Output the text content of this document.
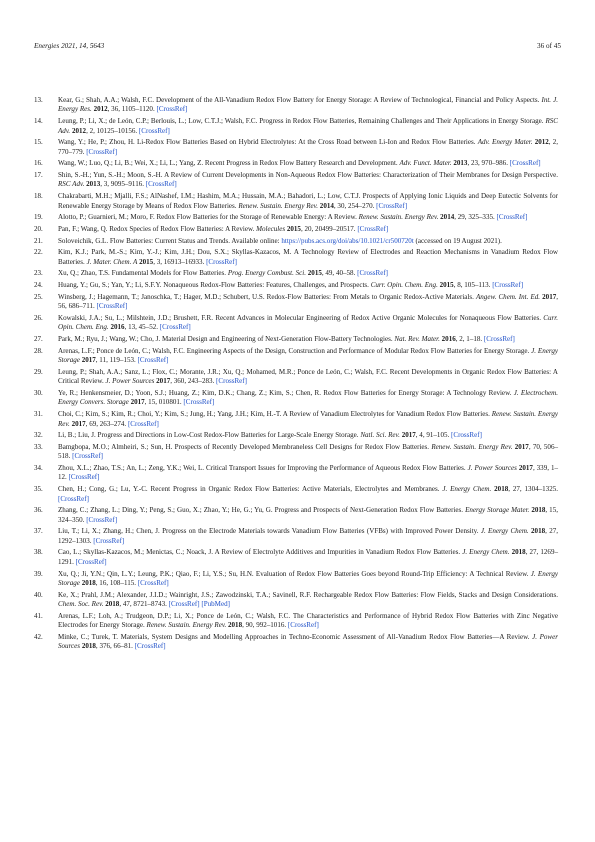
Energies 2021, 14, 5643	36 of 45
13. Kear, G.; Shah, A.A.; Walsh, F.C. Development of the All-Vanadium Redox Flow Battery for Energy Storage: A Review of Technological, Financial and Policy Aspects. Int. J. Energy Res. 2012, 36, 1105–1120. [CrossRef]
14. Leung, P.; Li, X.; de León, C.P.; Berlouis, L.; Low, C.T.J.; Walsh, F.C. Progress in Redox Flow Batteries, Remaining Challenges and Their Applications in Energy Storage. RSC Adv. 2012, 2, 10125–10156. [CrossRef]
15. Wang, Y.; He, P.; Zhou, H. Li-Redox Flow Batteries Based on Hybrid Electrolytes: At the Cross Road between Li-Ion and Redox Flow Batteries. Adv. Energy Mater. 2012, 2, 770–779. [CrossRef]
16. Wang, W.; Luo, Q.; Li, B.; Wei, X.; Li, L.; Yang, Z. Recent Progress in Redox Flow Battery Research and Development. Adv. Funct. Mater. 2013, 23, 970–986. [CrossRef]
17. Shin, S.-H.; Yun, S.-H.; Moon, S.-H. A Review of Current Developments in Non-Aqueous Redox Flow Batteries: Characterization of Their Membranes for Design Perspective. RSC Adv. 2013, 3, 9095–9116. [CrossRef]
18. Chakrabarti, M.H.; Mjalli, F.S.; AlNashef, I.M.; Hashim, M.A.; Hussain, M.A.; Bahadori, L.; Low, C.T.J. Prospects of Applying Ionic Liquids and Deep Eutectic Solvents for Renewable Energy Storage by Means of Redox Flow Batteries. Renew. Sustain. Energy Rev. 2014, 30, 254–270. [CrossRef]
19. Alotto, P.; Guarnieri, M.; Moro, F. Redox Flow Batteries for the Storage of Renewable Energy: A Review. Renew. Sustain. Energy Rev. 2014, 29, 325–335. [CrossRef]
20. Pan, F.; Wang, Q. Redox Species of Redox Flow Batteries: A Review. Molecules 2015, 20, 20499–20517. [CrossRef]
21. Soloveichik, G.L. Flow Batteries: Current Status and Trends. Available online: https://pubs.acs.org/doi/abs/10.1021/cr500720t (accessed on 19 August 2021).
22. Kim, K.J.; Park, M.-S.; Kim, Y.-J.; Kim, J.H.; Dou, S.X.; Skyllas-Kazacos, M. A Technology Review of Electrodes and Reaction Mechanisms in Vanadium Redox Flow Batteries. J. Mater. Chem. A 2015, 3, 16913–16933. [CrossRef]
23. Xu, Q.; Zhao, T.S. Fundamental Models for Flow Batteries. Prog. Energy Combust. Sci. 2015, 49, 40–58. [CrossRef]
24. Huang, Y.; Gu, S.; Yan, Y.; Li, S.F.Y. Nonaqueous Redox-Flow Batteries: Features, Challenges, and Prospects. Curr. Opin. Chem. Eng. 2015, 8, 105–113. [CrossRef]
25. Winsberg, J.; Hagemann, T.; Janoschka, T.; Hager, M.D.; Schubert, U.S. Redox-Flow Batteries: From Metals to Organic Redox-Active Materials. Angew. Chem. Int. Ed. 2017, 56, 686–711. [CrossRef]
26. Kowalski, J.A.; Su, L.; Milshtein, J.D.; Brushett, F.R. Recent Advances in Molecular Engineering of Redox Active Organic Molecules for Nonaqueous Flow Batteries. Curr. Opin. Chem. Eng. 2016, 13, 45–52. [CrossRef]
27. Park, M.; Ryu, J.; Wang, W.; Cho, J. Material Design and Engineering of Next-Generation Flow-Battery Technologies. Nat. Rev. Mater. 2016, 2, 1–18. [CrossRef]
28. Arenas, L.F.; Ponce de León, C.; Walsh, F.C. Engineering Aspects of the Design, Construction and Performance of Modular Redox Flow Batteries for Energy Storage. J. Energy Storage 2017, 11, 119–153. [CrossRef]
29. Leung, P.; Shah, A.A.; Sanz, L.; Flox, C.; Morante, J.R.; Xu, Q.; Mohamed, M.R.; Ponce de León, C.; Walsh, F.C. Recent Developments in Organic Redox Flow Batteries: A Critical Review. J. Power Sources 2017, 360, 243–283. [CrossRef]
30. Ye, R.; Henkensmeier, D.; Yoon, S.J.; Huang, Z.; Kim, D.K.; Chang, Z.; Kim, S.; Chen, R. Redox Flow Batteries for Energy Storage: A Technology Review. J. Electrochem. Energy Convers. Storage 2017, 15, 010801. [CrossRef]
31. Choi, C.; Kim, S.; Kim, R.; Choi, Y.; Kim, S.; Jung, H.; Yang, J.H.; Kim, H.-T. A Review of Vanadium Electrolytes for Vanadium Redox Flow Batteries. Renew. Sustain. Energy Rev. 2017, 69, 263–274. [CrossRef]
32. Li, B.; Liu, J. Progress and Directions in Low-Cost Redox-Flow Batteries for Large-Scale Energy Storage. Natl. Sci. Rev. 2017, 4, 91–105. [CrossRef]
33. Bamgbopa, M.O.; Almheiri, S.; Sun, H. Prospects of Recently Developed Membraneless Cell Designs for Redox Flow Batteries. Renew. Sustain. Energy Rev. 2017, 70, 506–518. [CrossRef]
34. Zhou, X.L.; Zhao, T.S.; An, L.; Zeng, Y.K.; Wei, L. Critical Transport Issues for Improving the Performance of Aqueous Redox Flow Batteries. J. Power Sources 2017, 339, 1–12. [CrossRef]
35. Chen, H.; Cong, G.; Lu, Y.-C. Recent Progress in Organic Redox Flow Batteries: Active Materials, Electrolytes and Membranes. J. Energy Chem. 2018, 27, 1304–1325. [CrossRef]
36. Zhang, C.; Zhang, L.; Ding, Y.; Peng, S.; Guo, X.; Zhao, Y.; He, G.; Yu, G. Progress and Prospects of Next-Generation Redox Flow Batteries. Energy Storage Mater. 2018, 15, 324–350. [CrossRef]
37. Liu, T.; Li, X.; Zhang, H.; Chen, J. Progress on the Electrode Materials towards Vanadium Flow Batteries (VFBs) with Improved Power Density. J. Energy Chem. 2018, 27, 1292–1303. [CrossRef]
38. Cao, L.; Skyllas-Kazacos, M.; Menictas, C.; Noack, J. A Review of Electrolyte Additives and Impurities in Vanadium Redox Flow Batteries. J. Energy Chem. 2018, 27, 1269–1291. [CrossRef]
39. Xu, Q.; Ji, Y.N.; Qin, L.Y.; Leung, P.K.; Qiao, F.; Li, Y.S.; Su, H.N. Evaluation of Redox Flow Batteries Goes beyond Round-Trip Efficiency: A Technical Review. J. Energy Storage 2018, 16, 108–115. [CrossRef]
40. Ke, X.; Prahl, J.M.; Alexander, J.I.D.; Wainright, J.S.; Zawodzinski, T.A.; Savinell, R.F. Rechargeable Redox Flow Batteries: Flow Fields, Stacks and Design Considerations. Chem. Soc. Rev. 2018, 47, 8721–8743. [CrossRef] [PubMed]
41. Arenas, L.F.; Loh, A.; Trudgeon, D.P.; Li, X.; Ponce de León, C.; Walsh, F.C. The Characteristics and Performance of Hybrid Redox Flow Batteries with Zinc Negative Electrodes for Energy Storage. Renew. Sustain. Energy Rev. 2018, 90, 992–1016. [CrossRef]
42. Minke, C.; Turek, T. Materials, System Designs and Modelling Approaches in Techno-Economic Assessment of All-Vanadium Redox Flow Batteries—A Review. J. Power Sources 2018, 376, 66–81. [CrossRef]
